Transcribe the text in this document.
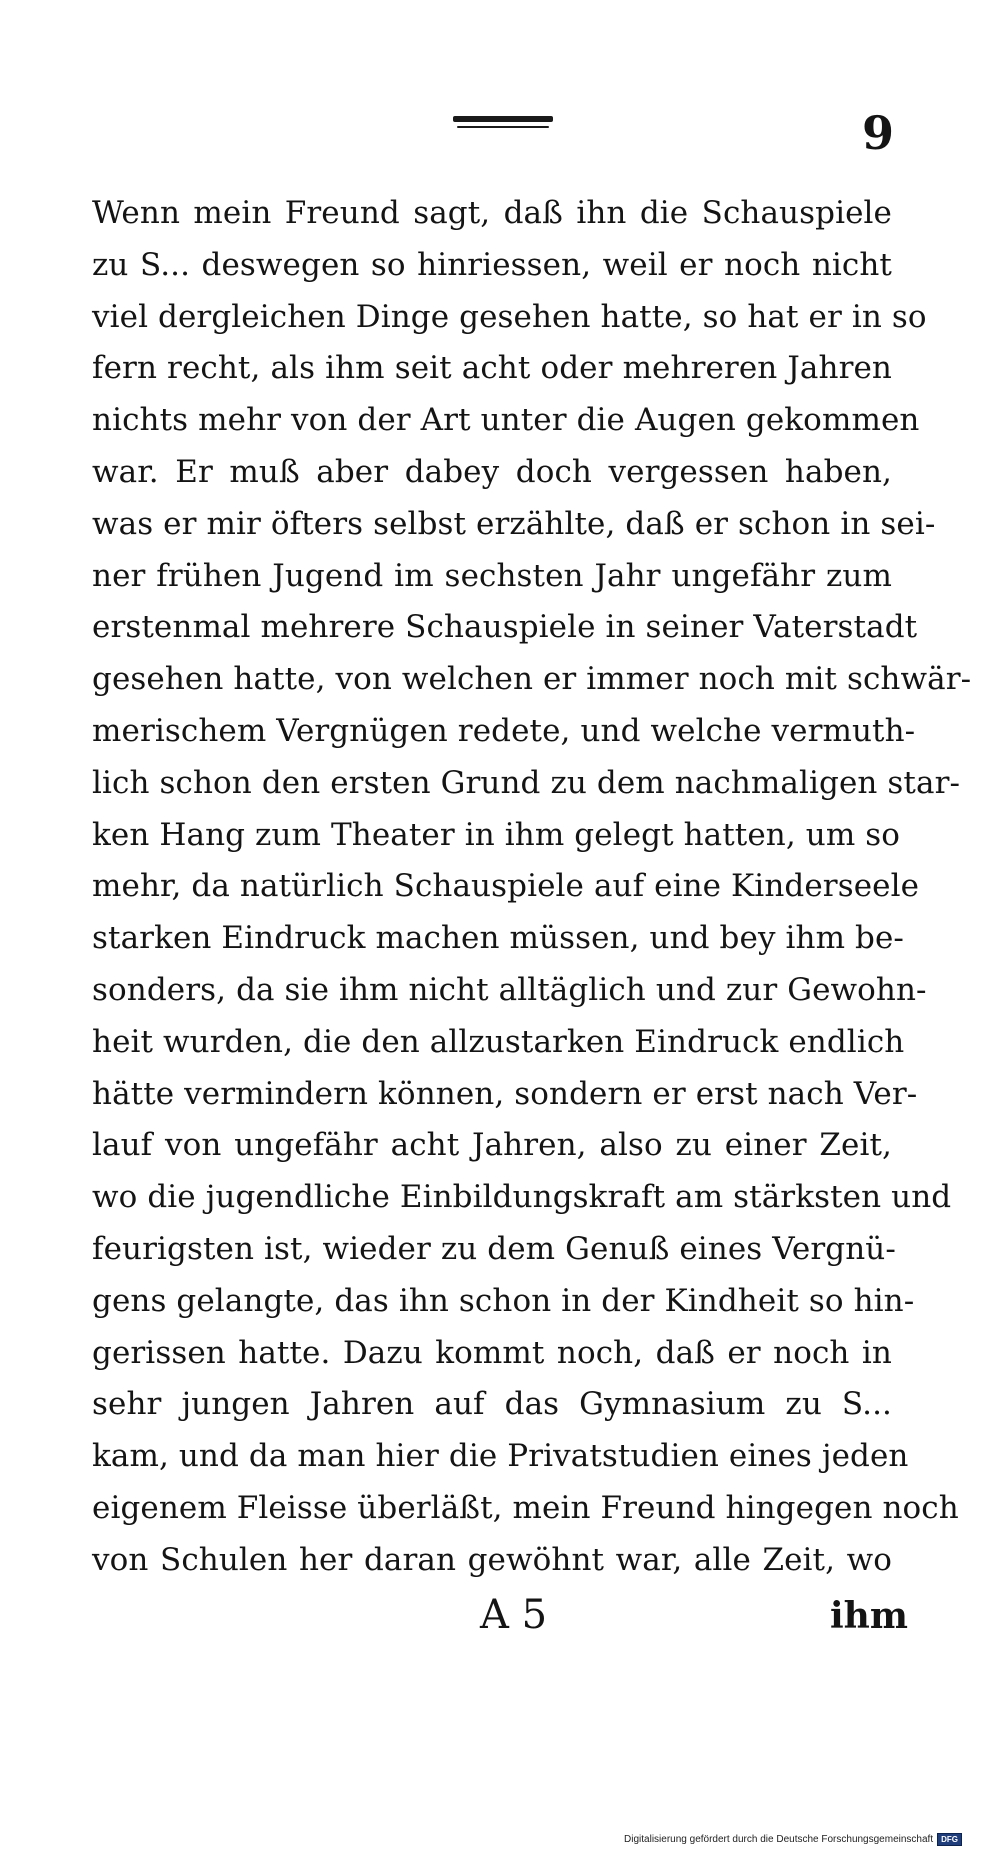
9
Wenn mein Freund sagt, daß ihn die Schauspiele
zu S... deswegen so hinriessen, weil er noch nicht
viel dergleichen Dinge gesehen hatte, so hat er in so
fern recht, als ihm seit acht oder mehreren Jahren
nichts mehr von der Art unter die Augen gekommen
war. Er muß aber dabey doch vergessen haben,
was er mir öfters selbst erzählte, daß er schon in sei-
ner frühen Jugend im sechsten Jahr ungefähr zum
erstenmal mehrere Schauspiele in seiner Vaterstadt
gesehen hatte, von welchen er immer noch mit schwär-
merischem Vergnügen redete, und welche vermuth-
lich schon den ersten Grund zu dem nachmaligen star-
ken Hang zum Theater in ihm gelegt hatten, um so
mehr, da natürlich Schauspiele auf eine Kinderseele
starken Eindruck machen müssen, und bey ihm be-
sonders, da sie ihm nicht alltäglich und zur Gewohn-
heit wurden, die den allzustarken Eindruck endlich
hätte vermindern können, sondern er erst nach Ver-
lauf von ungefähr acht Jahren, also zu einer Zeit,
wo die jugendliche Einbildungskraft am stärksten und
feurigsten ist, wieder zu dem Genuß eines Vergnü-
gens gelangte, das ihn schon in der Kindheit so hin-
gerissen hatte. Dazu kommt noch, daß er noch in
sehr jungen Jahren auf das Gymnasium zu S...
kam, und da man hier die Privatstudien eines jeden
eigenem Fleisse überläßt, mein Freund hingegen noch
von Schulen her daran gewöhnt war, alle Zeit, wo
A 5	ihm
Digitalisierung gefördert durch die Deutsche Forschungsgemeinschaft	DFG
